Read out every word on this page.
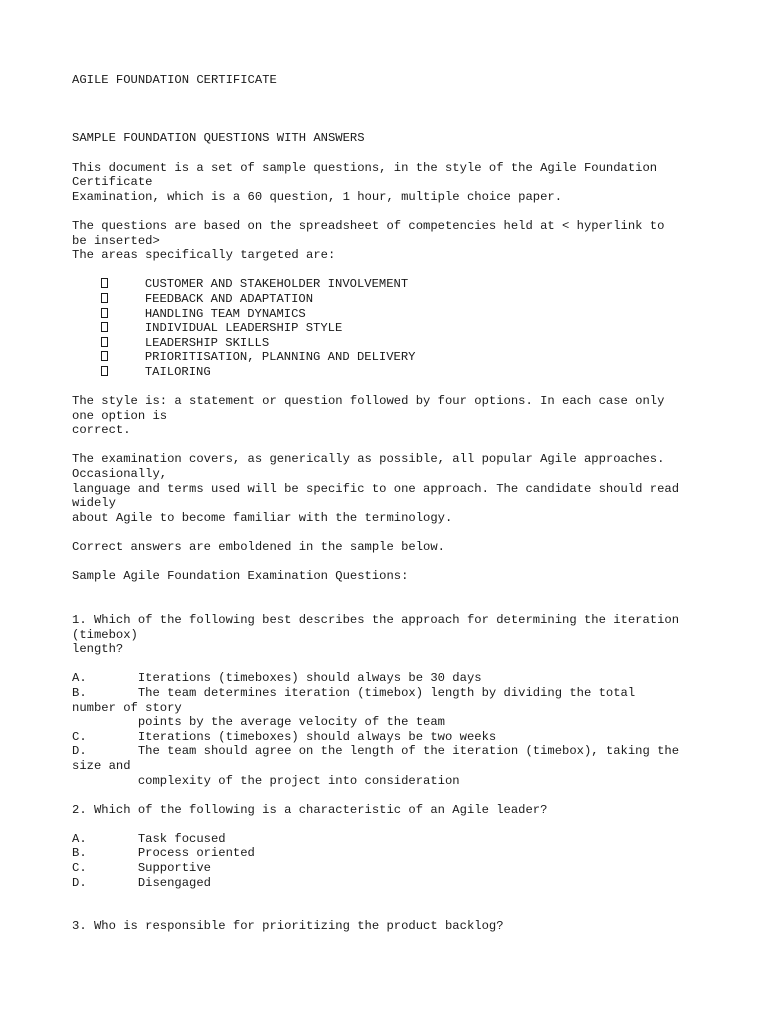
AGILE FOUNDATION CERTIFICATE
SAMPLE FOUNDATION QUESTIONS WITH ANSWERS
This document is a set of sample questions, in the style of the Agile Foundation
Certificate
Examination, which is a 60 question, 1 hour, multiple choice paper.
The questions are based on the spreadsheet of competencies held at < hyperlink to
be inserted>
The areas specifically targeted are:
CUSTOMER AND STAKEHOLDER INVOLVEMENT
FEEDBACK AND ADAPTATION
HANDLING TEAM DYNAMICS
INDIVIDUAL LEADERSHIP STYLE
LEADERSHIP SKILLS
PRIORITISATION, PLANNING AND DELIVERY
TAILORING
The style is: a statement or question followed by four options. In each case only
one option is
correct.
The examination covers, as generically as possible, all popular Agile approaches.
Occasionally,
language and terms used will be specific to one approach. The candidate should read
widely
about Agile to become familiar with the terminology.
Correct answers are emboldened in the sample below.
Sample Agile Foundation Examination Questions:
1. Which of the following best describes the approach for determining the iteration
(timebox)
length?
A.       Iterations (timeboxes) should always be 30 days
B.       The team determines iteration (timebox) length by dividing the total
number of story
points by the average velocity of the team
C.       Iterations (timeboxes) should always be two weeks
D.       The team should agree on the length of the iteration (timebox), taking the
size and
complexity of the project into consideration
2. Which of the following is a characteristic of an Agile leader?
A.       Task focused
B.       Process oriented
C.       Supportive
D.       Disengaged
3. Who is responsible for prioritizing the product backlog?
